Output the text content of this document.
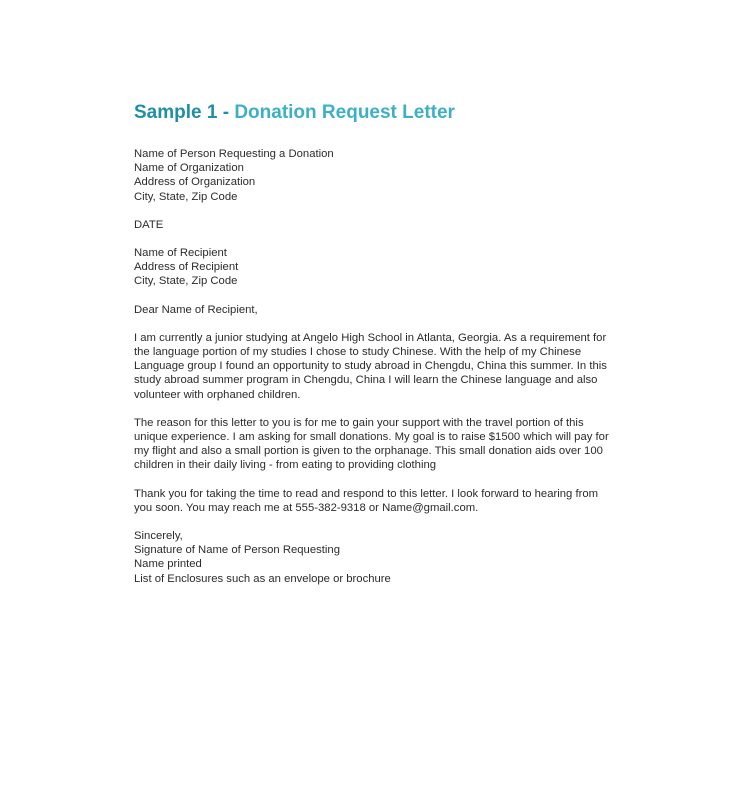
Sample 1 - Donation Request Letter
Name of Person Requesting a Donation
Name of Organization
Address of Organization
City, State, Zip Code
DATE
Name of Recipient
Address of Recipient
City, State, Zip Code
Dear Name of Recipient,
I am currently a junior studying at Angelo High School in Atlanta, Georgia. As a requirement for
the language portion of my studies I chose to study Chinese. With the help of my Chinese
Language group I found an opportunity to study abroad in Chengdu, China this summer. In this
study abroad summer program in Chengdu, China I will learn the Chinese language and also
volunteer with orphaned children.
The reason for this letter to you is for me to gain your support with the travel portion of this
unique experience. I am asking for small donations. My goal is to raise $1500 which will pay for
my flight and also a small portion is given to the orphanage. This small donation aids over 100
children in their daily living - from eating to providing clothing
Thank you for taking the time to read and respond to this letter. I look forward to hearing from
you soon. You may reach me at 555-382-9318 or Name@gmail.com.
Sincerely,
Signature of Name of Person Requesting
Name printed
List of Enclosures such as an envelope or brochure
